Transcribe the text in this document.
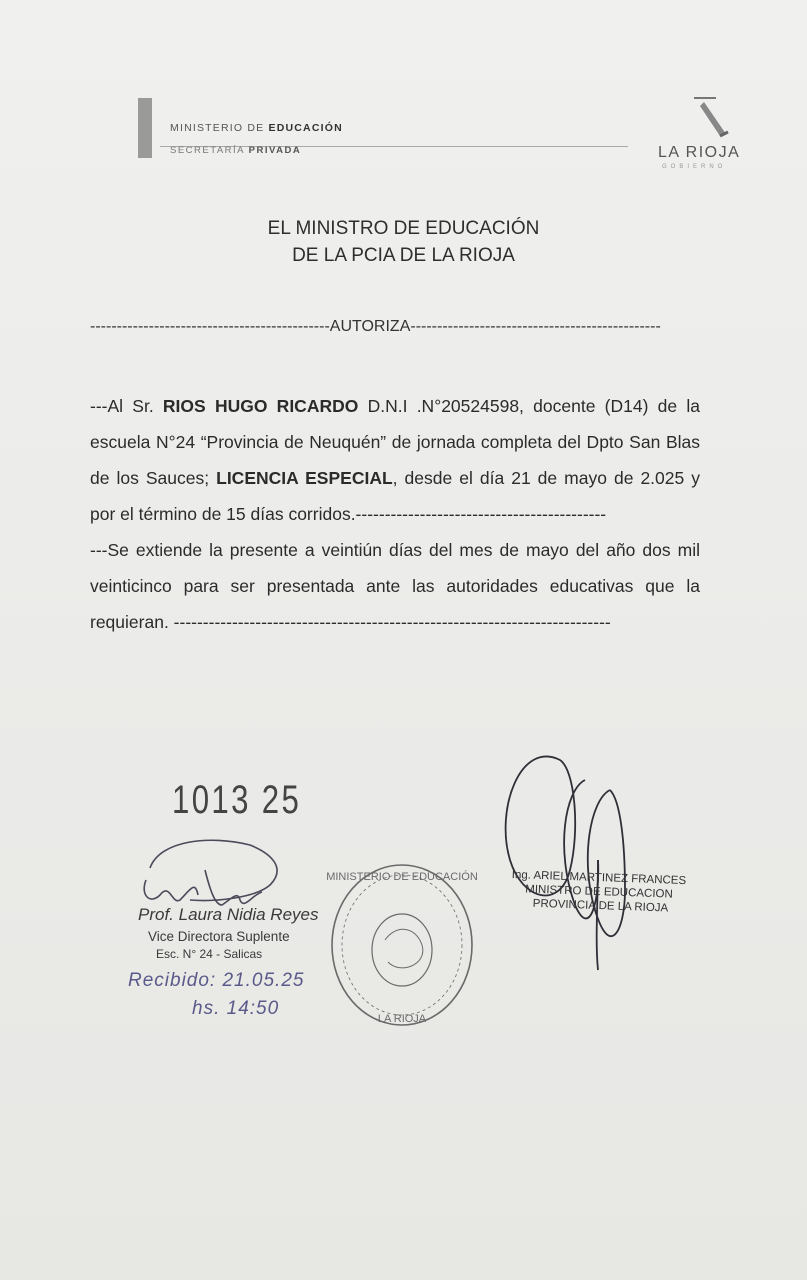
MINISTERIO DE EDUCACIÓN
SECRETARÍA PRIVADA	LA RIOJA
GOBIERNO
EL MINISTRO DE EDUCACIÓN
DE LA PCIA DE LA RIOJA
---------------------------------------------AUTORIZA-----------------------------------------------

---Al Sr. RIOS HUGO RICARDO D.N.I .N°20524598, docente (D14) de la escuela N°24 “Provincia de Neuquén” de jornada completa del Dpto San Blas de los Sauces; LICENCIA ESPECIAL, desde el día 21 de mayo de 2.025 y por el término de 15 días corridos.-------------------------------------------

---Se extiende la presente a veintiún días del mes de mayo del año dos mil veinticinco para ser presentada ante las autoridades educativas que la requieran. ---------------------------------------------------------------------------

1013 25
MINISTERIO DE EDUCACIÓN
LA RIOJA
Prof. Laura Nidia Reyes
Vice Directora Suplente
Esc. N° 24 - Salicas
Recibido: 21.05.25
hs. 14:50
Ing. ARIEL MARTINEZ FRANCES
MINISTRO DE EDUCACION
PROVINCIA DE LA RIOJA
